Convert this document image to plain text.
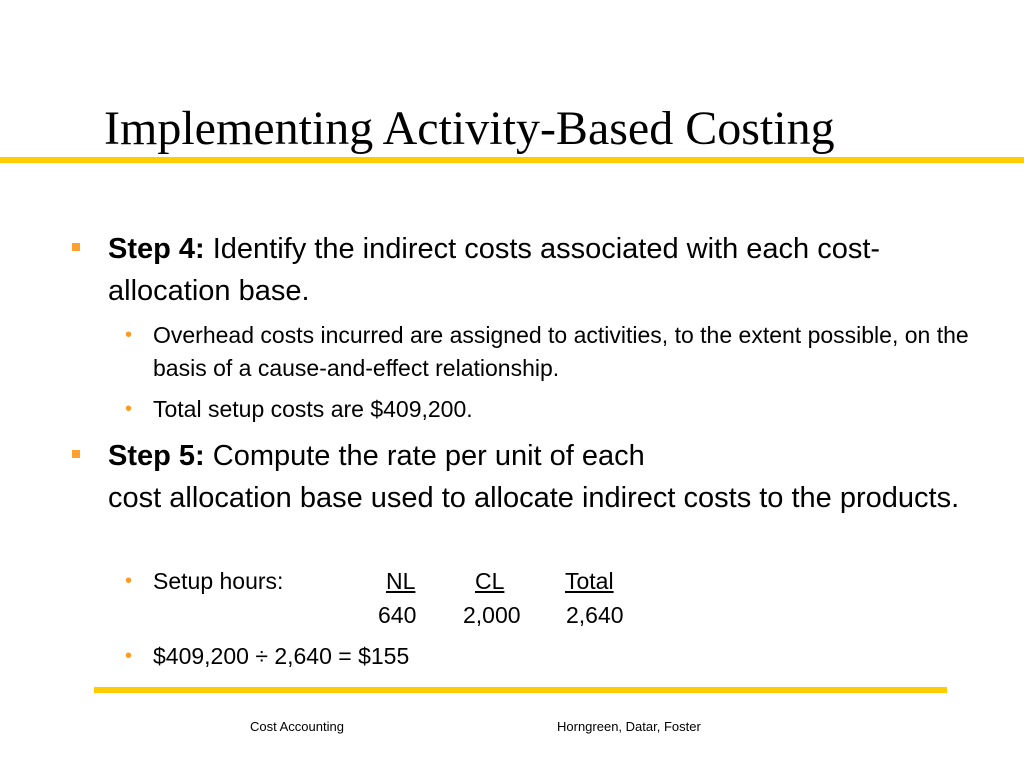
Implementing Activity-Based Costing
Step 4: Identify the indirect costs associated with each cost-allocation base.
• Overhead costs incurred are assigned to activities, to the extent possible, on the basis of a cause-and-effect relationship.
• Total setup costs are $409,200.
Step 5: Compute the rate per unit of each
cost allocation base used to allocate indirect costs to the products.
• Setup hours:	NL	CL	Total
640 2,000 2,640
• $409,200 ÷ 2,640 = $155
Cost Accounting	Horngreen, Datar, Foster
